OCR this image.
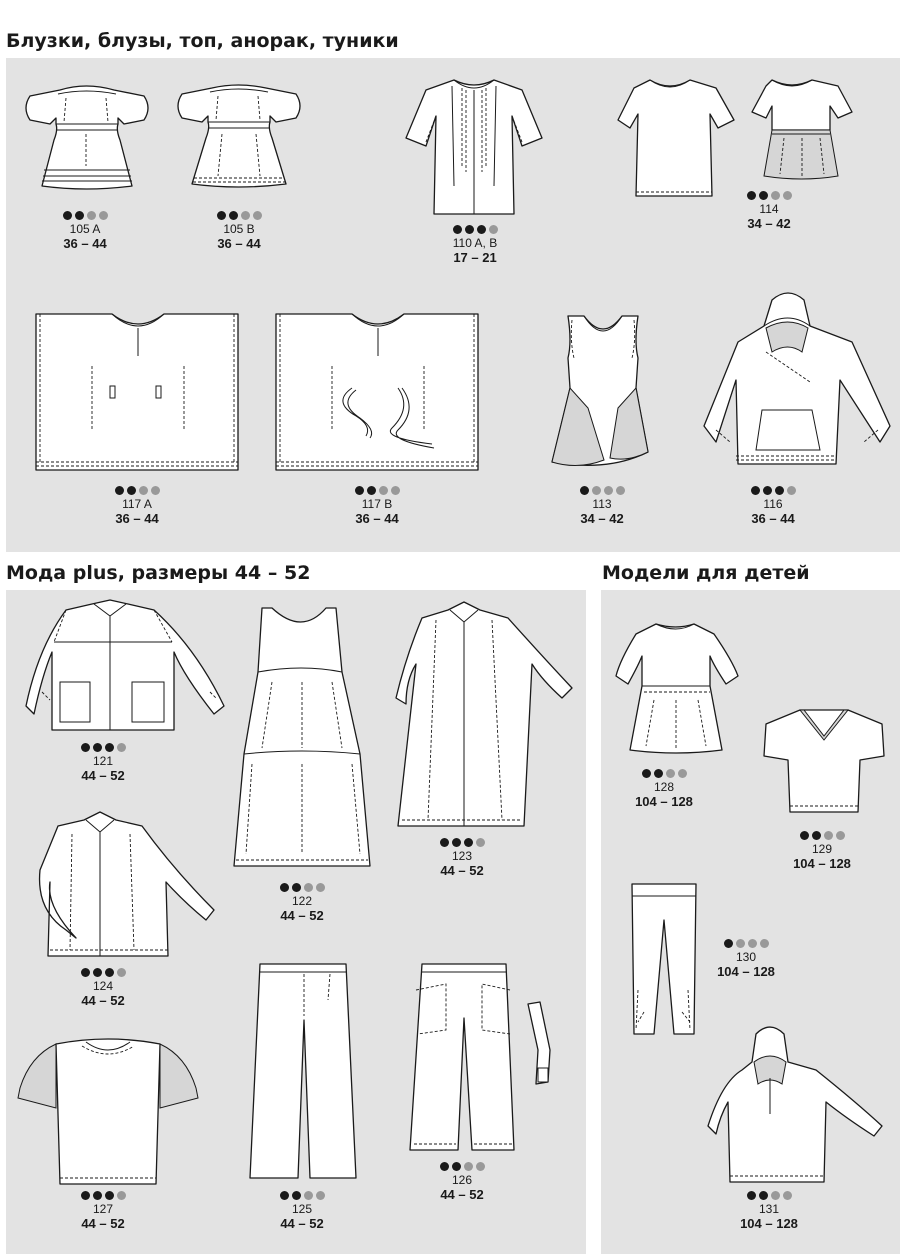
Блузки, блузы, топ, анорак, туники
Мода plus, размеры 44 – 52	Модели для детей
105 A
36 – 44
105 B
36 – 44	110 A, B
17 – 21
114
34 – 42
117 A
36 – 44
117 B
36 – 44
113
34 – 42
116
36 – 44
121
44 – 52
122
44 – 52
123
44 – 52
124
44 – 52
127
44 – 52
125
44 – 52
126
44 – 52
128
104 – 128
129
104 – 128
130
104 – 128
131
104 – 128
